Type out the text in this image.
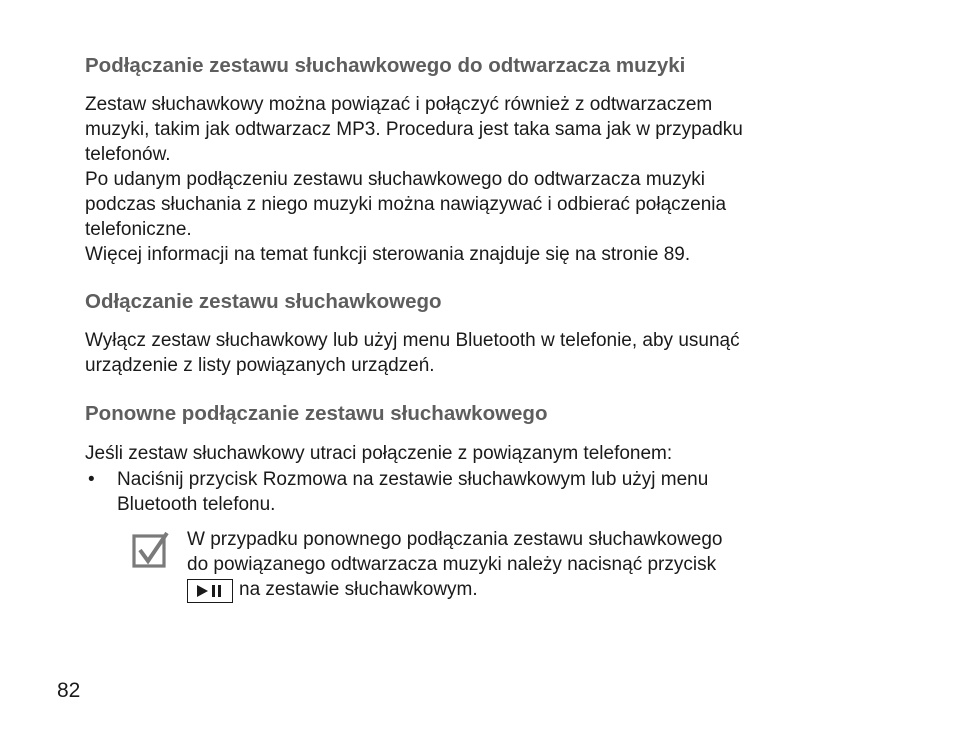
Podłączanie zestawu słuchawkowego do odtwarzacza muzyki

Zestaw słuchawkowy można powiązać i połączyć również z odtwarzaczem
muzyki, takim jak odtwarzacz MP3. Procedura jest taka sama jak w przypadku
telefonów.
Po udanym podłączeniu zestawu słuchawkowego do odtwarzacza muzyki
podczas słuchania z niego muzyki można nawiązywać i odbierać połączenia
telefoniczne.
Więcej informacji na temat funkcji sterowania znajduje się na stronie 89.

Odłączanie zestawu słuchawkowego

Wyłącz zestaw słuchawkowy lub użyj menu Bluetooth w telefonie, aby usunąć
urządzenie z listy powiązanych urządzeń.

Ponowne podłączanie zestawu słuchawkowego

Jeśli zestaw słuchawkowy utraci połączenie z powiązanym telefonem:

• Naciśnij przycisk Rozmowa na zestawie słuchawkowym lub użyj menu
Bluetooth telefonu.
W przypadku ponownego podłączania zestawu słuchawkowego
do powiązanego odtwarzacza muzyki należy nacisnąć przycisk
na zestawie słuchawkowym.
82
